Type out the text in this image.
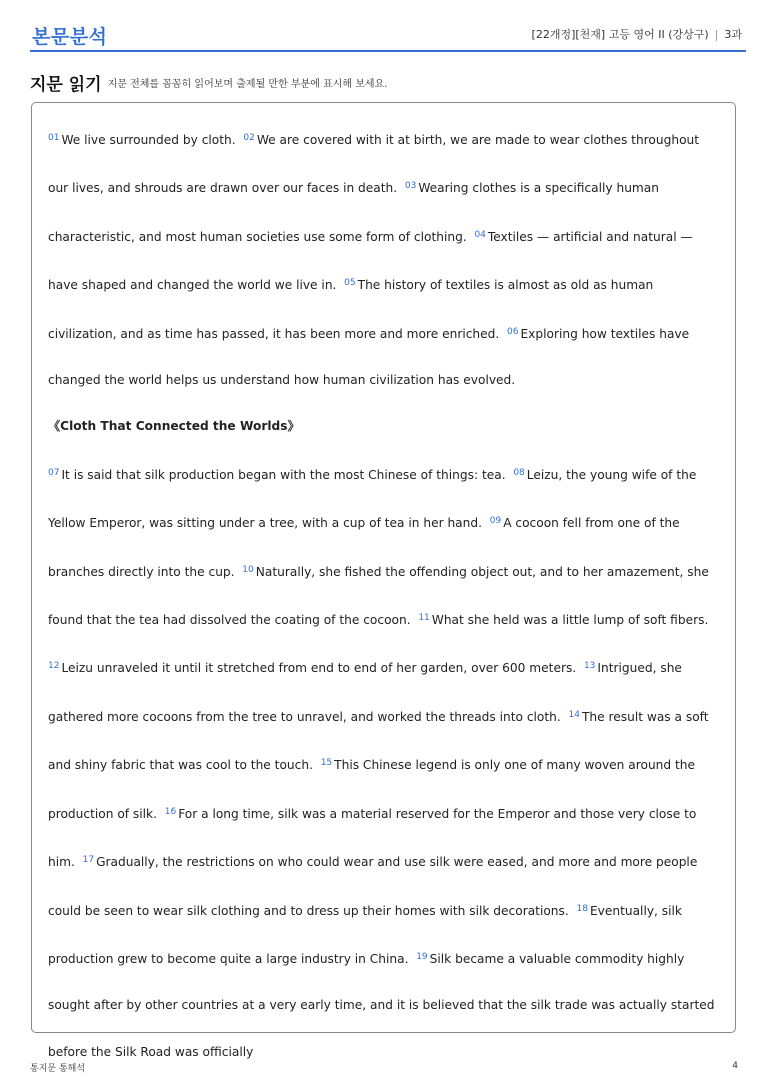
본문분석	[22개정][천재] 고등 영어 II (강상구) | 3과
지문 읽기 지문 전체를 꼼꼼히 읽어보며 출제될 만한 부분에 표시해 보세요.
$^{01}$ We live surrounded by cloth. $^{02}$ We are covered with it at birth, we are made to wear clothes throughout our lives, and shrouds are drawn over our faces in death. $^{03}$ Wearing clothes is a specifically human characteristic, and most human societies use some form of clothing. $^{04}$ Textiles — artificial and natural — have shaped and changed the world we live in. $^{05}$ The history of textiles is almost as old as human civilization, and as time has passed, it has been more and more enriched. $^{06}$ Exploring how textiles have changed the world helps us understand how human civilization has evolved.
《Cloth That Connected the Worlds》
$^{07}$ It is said that silk production began with the most Chinese of things: tea. $^{08}$ Leizu, the young wife of the Yellow Emperor, was sitting under a tree, with a cup of tea in her hand. $^{09}$ A cocoon fell from one of the branches directly into the cup. $^{10}$ Naturally, she fished the offending object out, and to her amazement, she found that the tea had dissolved the coating of the cocoon. $^{11}$ What she held was a little lump of soft fibers.  $^{12}$ Leizu unraveled it until it stretched from end to end of her garden, over 600 meters. $^{13}$ Intrigued, she gathered more cocoons from the tree to unravel, and worked the threads into cloth. $^{14}$ The result was a soft and shiny fabric that was cool to the touch. $^{15}$ This Chinese legend is only one of many woven around the production of silk. $^{16}$ For a long time, silk was a material reserved for the Emperor and those very close to him. $^{17}$ Gradually, the restrictions on who could wear and use silk were eased, and more and more people could be seen to wear silk clothing and to dress up their homes with silk decorations. $^{18}$ Eventually, silk production grew to become quite a large industry in China. $^{19}$ Silk became a valuable commodity highly sought after by other countries at a very early time, and it is believed that the silk trade was actually started before the Silk Road was officially
통지문 통해석	4
